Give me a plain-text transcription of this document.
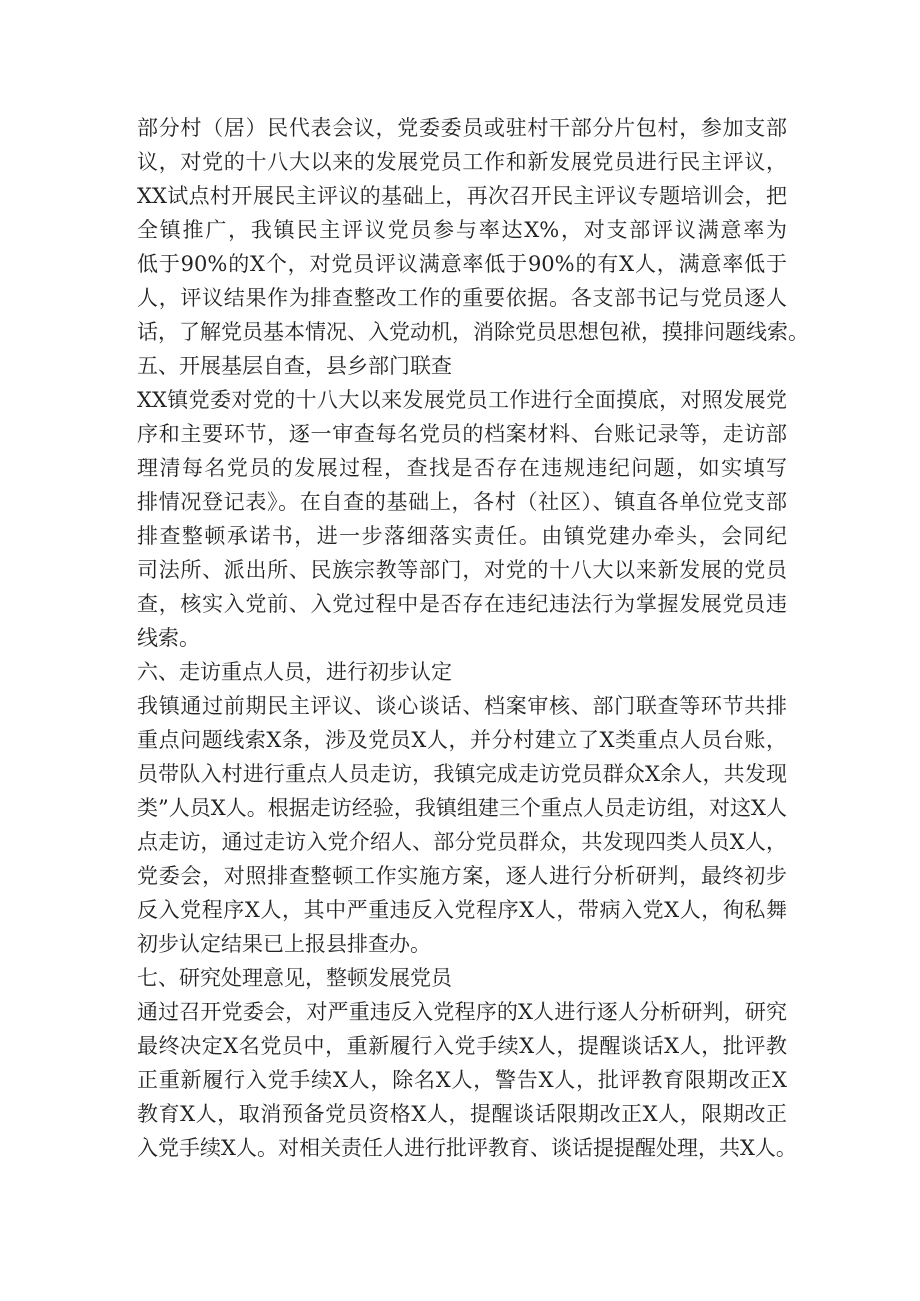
部分村（居）民代表会议，党委委员或驻村干部分片包村，参加支部
议，对党的十八大以来的发展党员工作和新发展党员进行民主评议，
XX试点村开展民主评议的基础上，再次召开民主评议专题培训会，把
全镇推广，我镇民主评议党员参与率达X%，对支部评议满意率为
低于90%的X个，对党员评议满意率低于90%的有X人，满意率低于
人，评议结果作为排查整改工作的重要依据。各支部书记与党员逐人
话，了解党员基本情况、入党动机，消除党员思想包袱，摸排问题线索。
五、开展基层自查，县乡部门联查
XX镇党委对党的十八大以来发展党员工作进行全面摸底，对照发展党
序和主要环节，逐一审查每名党员的档案材料、台账记录等，走访部
理清每名党员的发展过程，查找是否存在违规违纪问题，如实填写
排情况登记表》。在自查的基础上，各村（社区）、镇直各单位党支部
排查整顿承诺书，进一步落细落实责任。由镇党建办牵头，会同纪
司法所、派出所、民族宗教等部门，对党的十八大以来新发展的党员
查，核实入党前、入党过程中是否存在违纪违法行为掌握发展党员违
线索。
六、走访重点人员，进行初步认定
我镇通过前期民主评议、谈心谈话、档案审核、部门联查等环节共排
重点问题线索X条，涉及党员X人，并分村建立了X类重点人员台账，
员带队入村进行重点人员走访，我镇完成走访党员群众X余人，共发现
类”人员X人。根据走访经验，我镇组建三个重点人员走访组，对这X人
点走访，通过走访入党介绍人、部分党员群众，共发现四类人员X人，
党委会，对照排查整顿工作实施方案，逐人进行分析研判，最终初步
反入党程序X人，其中严重违反入党程序X人，带病入党X人，徇私舞
初步认定结果已上报县排查办。
七、研究处理意见，整顿发展党员
通过召开党委会，对严重违反入党程序的X人进行逐人分析研判，研究
最终决定X名党员中，重新履行入党手续X人，提醒谈话X人，批评教
正重新履行入党手续X人，除名X人，警告X人，批评教育限期改正X
教育X人，取消预备党员资格X人，提醒谈话限期改正X人，限期改正
入党手续X人。对相关责任人进行批评教育、谈话提提醒处理，共X人。
